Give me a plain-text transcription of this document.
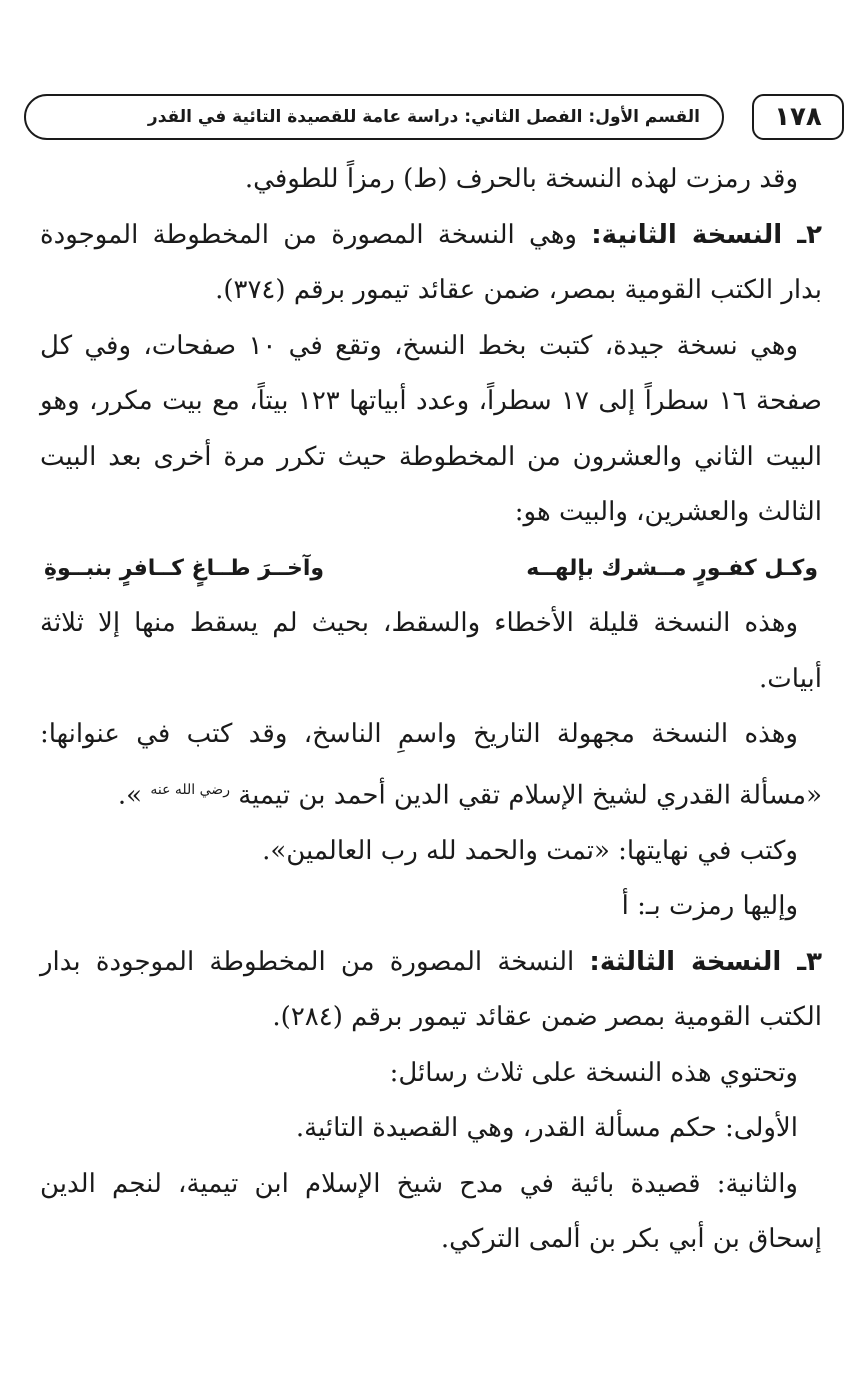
القسم الأول: الفصل الثاني: دراسة عامة للقصيدة التائية في القدر	١٧٨

وقد رمزت لهذه النسخة بالحرف (ط) رمزاً للطوفي.

٢ـ النسخة الثانية: وهي النسخة المصورة من المخطوطة الموجودة بدار الكتب القومية بمصر، ضمن عقائد تيمور برقم (٣٧٤).

وهي نسخة جيدة، كتبت بخط النسخ، وتقع في ١٠ صفحات، وفي كل صفحة ١٦ سطراً إلى ١٧ سطراً، وعدد أبياتها ١٢٣ بيتاً، مع بيت مكرر، وهو البيت الثاني والعشرون من المخطوطة حيث تكرر مرة أخرى بعد البيت الثالث والعشرين، والبيت هو:

وكـل كفـورٍ مــشرك بإلهــه
وآخــرَ طــاغٍ كــافرٍ بنبــوةِ

وهذه النسخة قليلة الأخطاء والسقط، بحيث لم يسقط منها إلا ثلاثة أبيات.

وهذه النسخة مجهولة التاريخ واسمِ الناسخ، وقد كتب في عنوانها: «مسألة القدري لشيخ الإسلام تقي الدين أحمد بن تيمية $^{رضي الله عنه}$ ».

وكتب في نهايتها: «تمت والحمد لله رب العالمين».

وإليها رمزت بـ: أ

٣ـ النسخة الثالثة: النسخة المصورة من المخطوطة الموجودة بدار الكتب القومية بمصر ضمن عقائد تيمور برقم (٢٨٤).

وتحتوي هذه النسخة على ثلاث رسائل:

الأولى: حكم مسألة القدر، وهي القصيدة التائية.

والثانية: قصيدة بائية في مدح شيخ الإسلام ابن تيمية، لنجم الدين إسحاق بن أبي بكر بن ألمى التركي.
